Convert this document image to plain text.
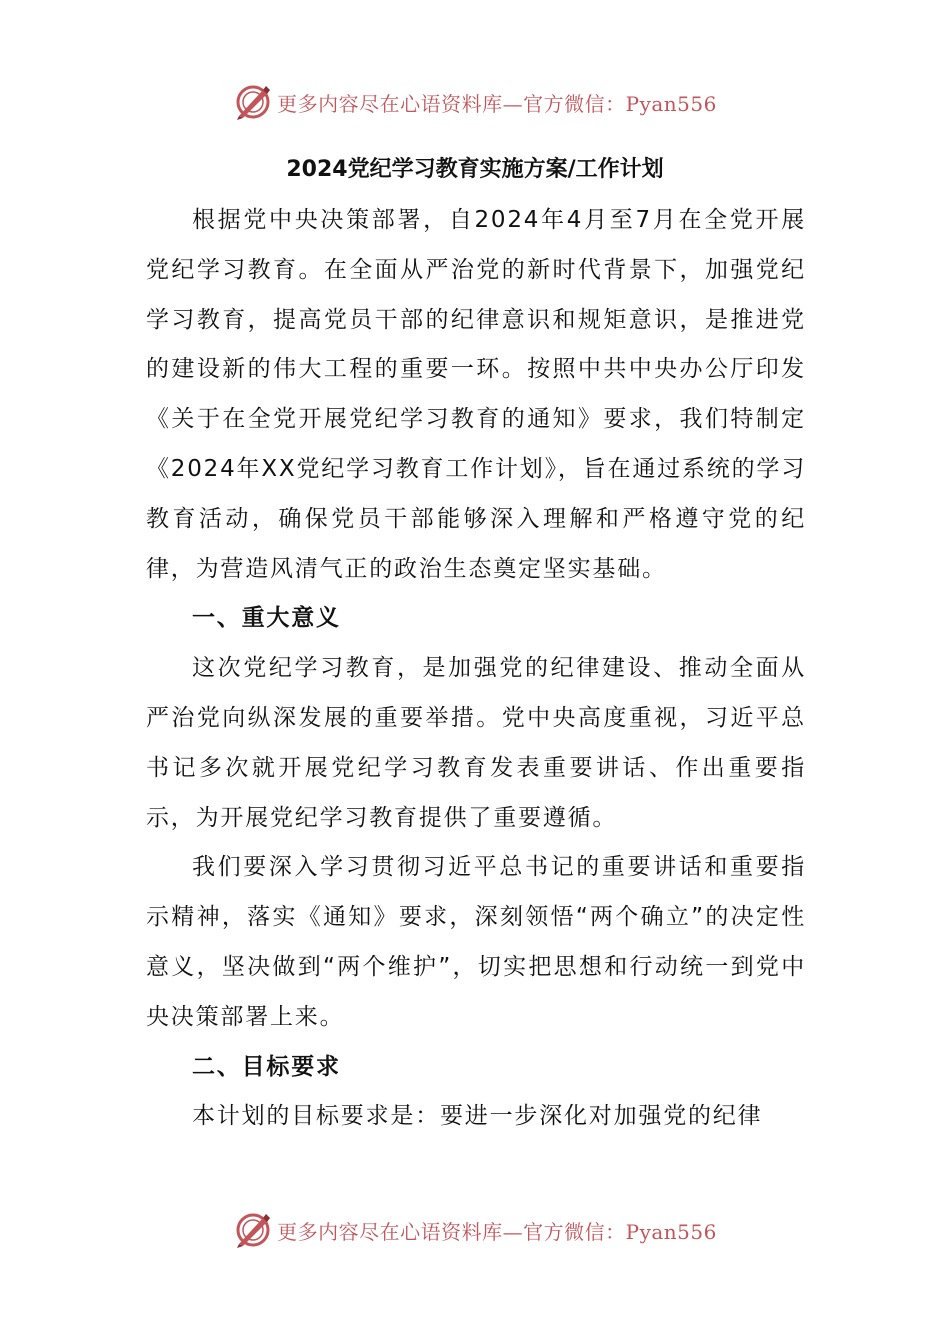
更多内容尽在心语资料库—官方微信：Pyan556
2024党纪学习教育实施方案/工作计划

根据党中央决策部署，自2024年4月至7月在全党开展党纪学习教育。在全面从严治党的新时代背景下，加强党纪学习教育，提高党员干部的纪律意识和规矩意识，是推进党的建设新的伟大工程的重要一环。按照中共中央办公厅印发《关于在全党开展党纪学习教育的通知》要求，我们特制定《2024年XX党纪学习教育工作计划》，旨在通过系统的学习教育活动，确保党员干部能够深入理解和严格遵守党的纪律，为营造风清气正的政治生态奠定坚实基础。

一、重大意义

这次党纪学习教育，是加强党的纪律建设、推动全面从严治党向纵深发展的重要举措。党中央高度重视，习近平总书记多次就开展党纪学习教育发表重要讲话、作出重要指示，为开展党纪学习教育提供了重要遵循。

我们要深入学习贯彻习近平总书记的重要讲话和重要指示精神，落实《通知》要求，深刻领悟“两个确立”的决定性意义，坚决做到“两个维护”，切实把思想和行动统一到党中央决策部署上来。

二、目标要求

本计划的目标要求是：要进一步深化对加强党的纪律

更多内容尽在心语资料库—官方微信：Pyan556
